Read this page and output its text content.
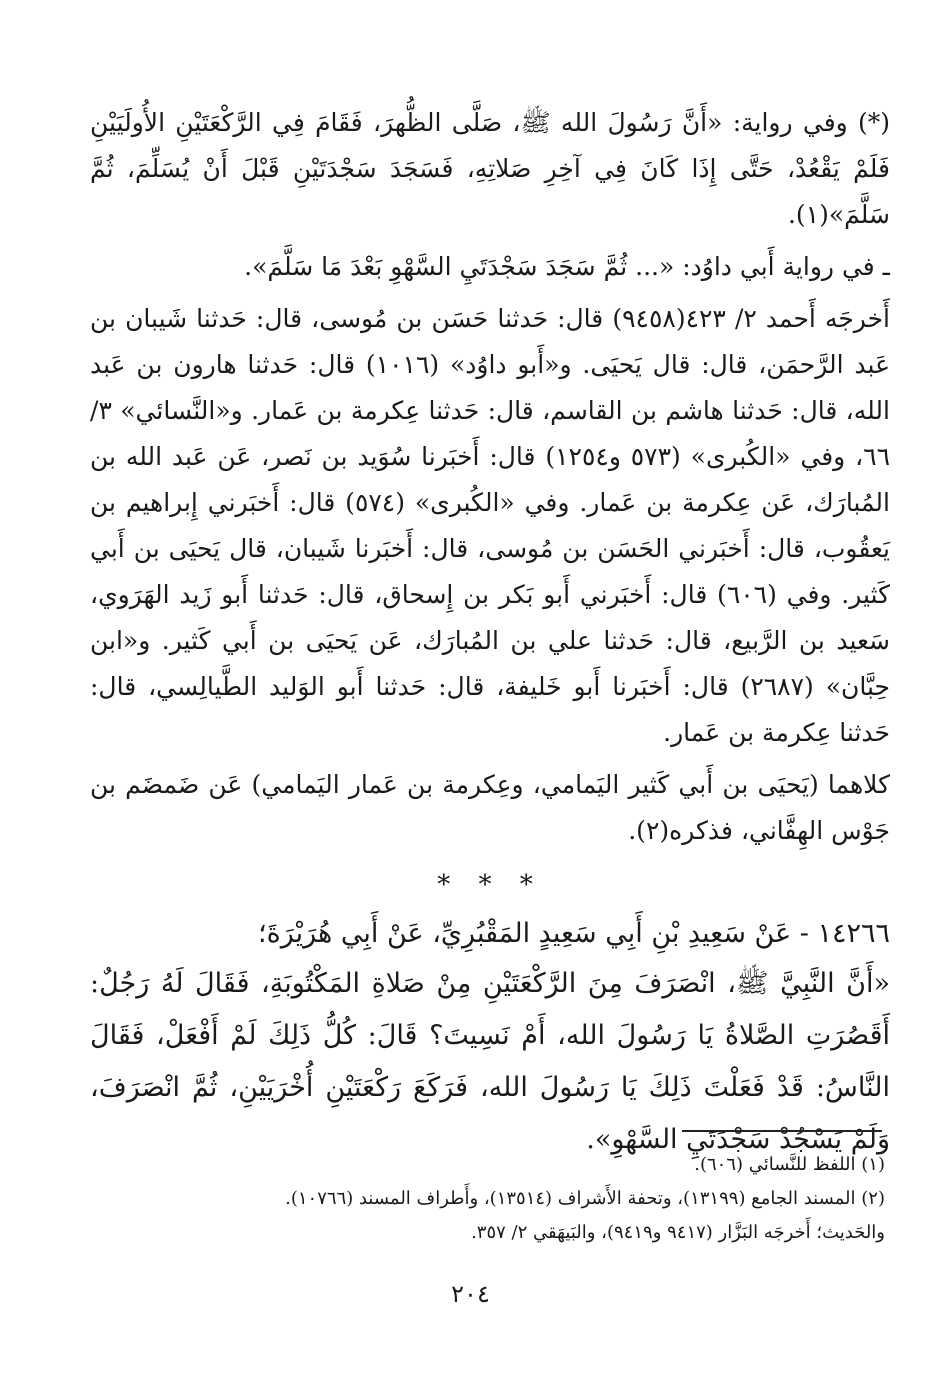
(*) وفي رواية: «أَنَّ رَسُولَ الله ﷺ، صَلَّى الظُّهرَ، فَقَامَ فِي الرَّكْعَتَيْنِ الأُولَيَيْنِ فَلَمْ يَقْعُدْ، حَتَّى إِذَا كَانَ فِي آخِرِ صَلاتِهِ، فَسَجَدَ سَجْدَتَيْنِ قَبْلَ أَنْ يُسَلِّمَ، ثُمَّ سَلَّمَ»(١).

ـ في رواية أَبي داوُد: «... ثُمَّ سَجَدَ سَجْدَتَيِ السَّهْوِ بَعْدَ مَا سَلَّمَ».

أَخرجَه أَحمد ٢/ ٤٢٣(٩٤٥٨) قال: حَدثنا حَسَن بن مُوسى، قال: حَدثنا شَيبان بن عَبد الرَّحمَن، قال: قال يَحيَى. و«أَبو داوُد» (١٠١٦) قال: حَدثنا هارون بن عَبد الله، قال: حَدثنا هاشم بن القاسم، قال: حَدثنا عِكرمة بن عَمار. و«النَّسائي» ٣/ ٦٦، وفي «الكُبرى» (٥٧٣ و١٢٥٤) قال: أَخبَرنا سُوَيد بن نَصر، عَن عَبد الله بن المُبارَك، عَن عِكرمة بن عَمار. وفي «الكُبرى» (٥٧٤) قال: أَخبَرني إِبراهيم بن يَعقُوب، قال: أَخبَرني الحَسَن بن مُوسى، قال: أَخبَرنا شَيبان، قال يَحيَى بن أَبي كَثير. وفي (٦٠٦) قال: أَخبَرني أَبو بَكر بن إِسحاق، قال: حَدثنا أَبو زَيد الهَرَوي، سَعيد بن الرَّبيع، قال: حَدثنا علي بن المُبارَك، عَن يَحيَى بن أَبي كَثير. و«ابن حِبَّان» (٢٦٨٧) قال: أَخبَرنا أَبو خَليفة، قال: حَدثنا أَبو الوَليد الطَّيالِسي، قال: حَدثنا عِكرمة بن عَمار.

كلاهما (يَحيَى بن أَبي كَثير اليَمامي، وعِكرمة بن عَمار اليَمامي) عَن ضَمضَم بن جَوْس الهِفَّاني، فذكره(٢).

* * *

١٤٢٦٦ - عَنْ سَعِيدِ بْنِ أَبِي سَعِيدٍ المَقْبُرِيِّ، عَنْ أَبِي هُرَيْرَةَ؛

«أَنَّ النَّبِيَّ ﷺ، انْصَرَفَ مِنَ الرَّكْعَتَيْنِ مِنْ صَلاةِ المَكْتُوبَةِ، فَقَالَ لَهُ رَجُلٌ: أَقَصُرَتِ الصَّلاةُ يَا رَسُولَ الله، أَمْ نَسِيتَ؟ قَالَ: كُلُّ ذَلِكَ لَمْ أَفْعَلْ، فَقَالَ النَّاسُ: قَدْ فَعَلْتَ ذَلِكَ يَا رَسُولَ الله، فَرَكَعَ رَكْعَتَيْنِ أُخْرَيَيْنِ، ثُمَّ انْصَرَفَ، وَلَمْ يَسْجُدْ سَجْدَتَيِ السَّهْوِ».

(١) اللفظ للنَّسائي (٦٠٦).

(٢) المسند الجامع (١٣١٩٩)، وتحفة الأَشراف (١٣٥١٤)، وأَطراف المسند (١٠٧٦٦).

والحَديث؛ أَخرجَه البَزَّار (٩٤١٧ و٩٤١٩)، والبَيهَقي ٢/ ٣٥٧.

٢٠٤
